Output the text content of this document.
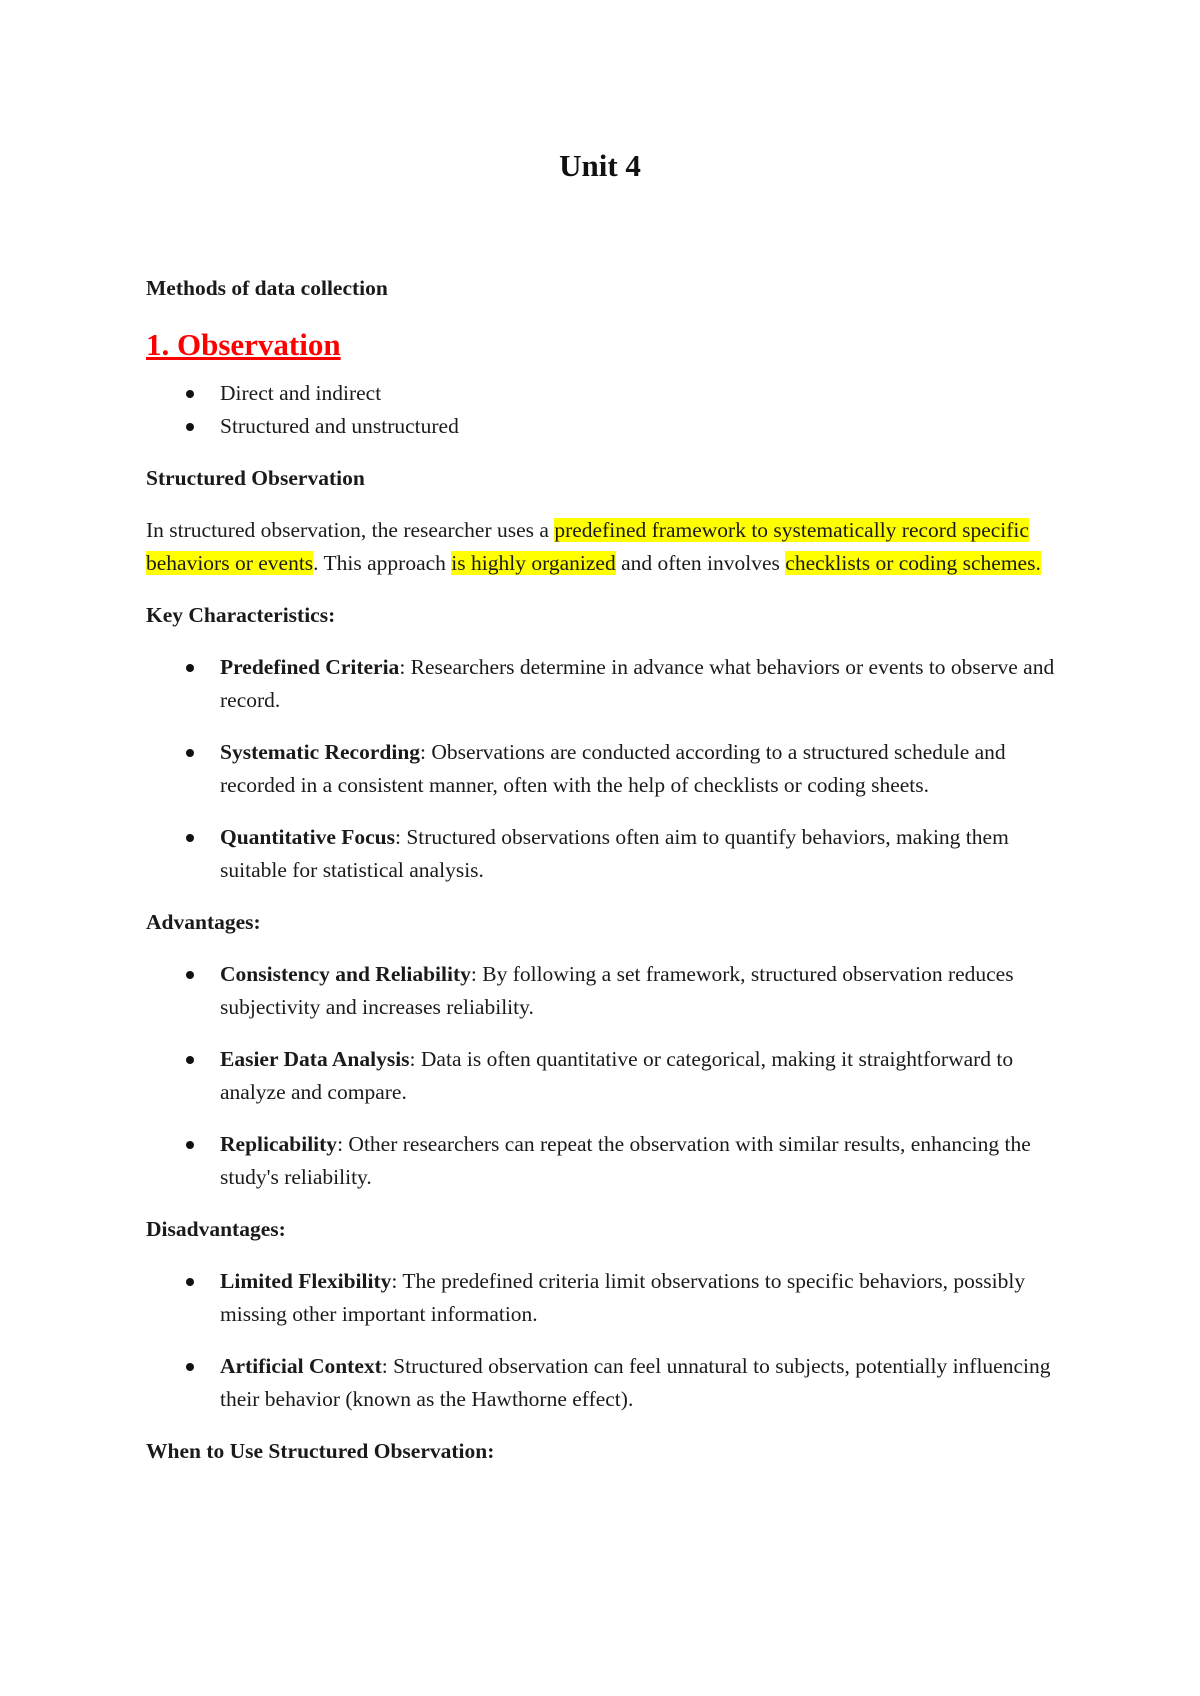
Unit 4
Methods of data collection
1. Observation
Direct and indirect
Structured and unstructured
Structured Observation
In structured observation, the researcher uses a predefined framework to systematically record specific behaviors or events. This approach is highly organized and often involves checklists or coding schemes.
Key Characteristics:
Predefined Criteria: Researchers determine in advance what behaviors or events to observe and record.
Systematic Recording: Observations are conducted according to a structured schedule and recorded in a consistent manner, often with the help of checklists or coding sheets.
Quantitative Focus: Structured observations often aim to quantify behaviors, making them suitable for statistical analysis.
Advantages:
Consistency and Reliability: By following a set framework, structured observation reduces subjectivity and increases reliability.
Easier Data Analysis: Data is often quantitative or categorical, making it straightforward to analyze and compare.
Replicability: Other researchers can repeat the observation with similar results, enhancing the study's reliability.
Disadvantages:
Limited Flexibility: The predefined criteria limit observations to specific behaviors, possibly missing other important information.
Artificial Context: Structured observation can feel unnatural to subjects, potentially influencing their behavior (known as the Hawthorne effect).
When to Use Structured Observation:
